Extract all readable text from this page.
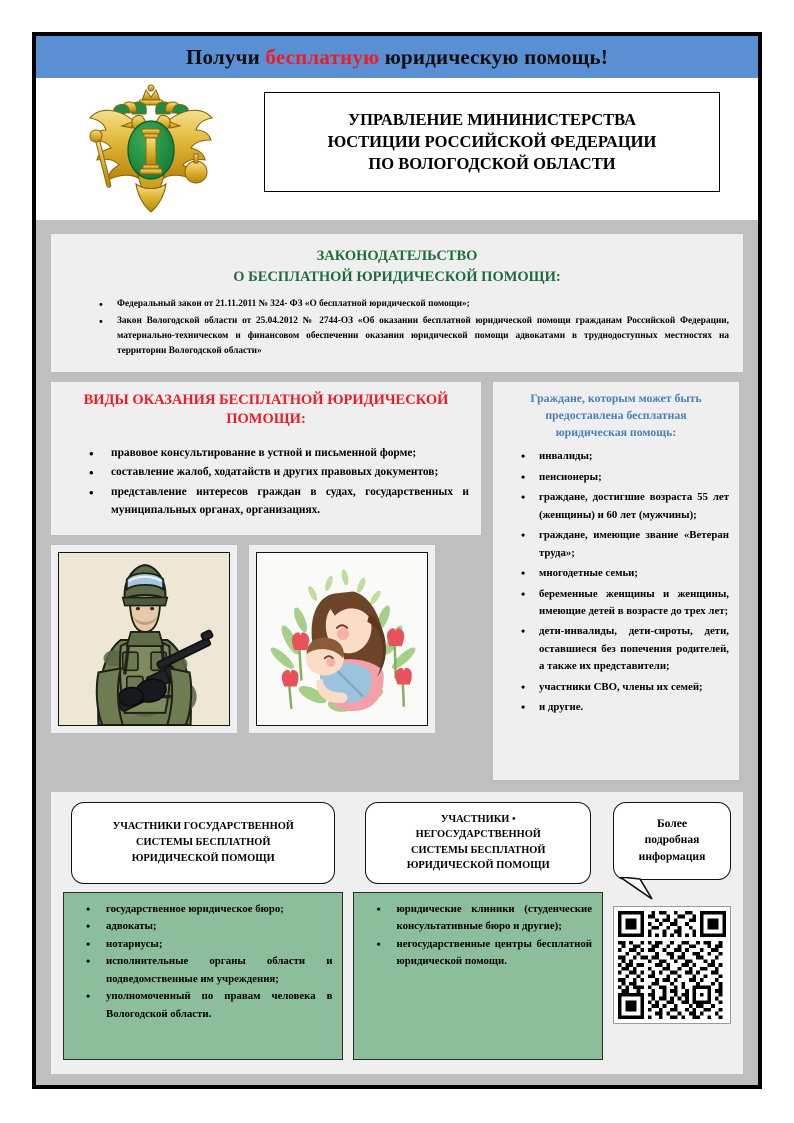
Получи бесплатную юридическую помощь!
УПРАВЛЕНИЕ МИНИНИСТЕРСТВА
ЮСТИЦИИ РОССИЙСКОЙ ФЕДЕРАЦИИ
ПО ВОЛОГОДСКОЙ ОБЛАСТИ
ЗАКОНОДАТЕЛЬСТВО
О БЕСПЛАТНОЙ ЮРИДИЧЕСКОЙ ПОМОЩИ:
• Федеральный закон от 21.11.2011 № 324- ФЗ «О бесплатной юридической помощи»;
• Закон Вологодской области от 25.04.2012 № 2744-ОЗ «Об оказании бесплатной юридической помощи гражданам Российской Федерации, материально-техническом и финансовом обеспечении оказания юридической помощи адвокатами в труднодоступных местностях на территории Вологодской области»
ВИДЫ ОКАЗАНИЯ БЕСПЛАТНОЙ ЮРИДИЧЕСКОЙ
ПОМОЩИ:
• правовое консультирование в устной и письменной форме;
• составление жалоб, ходатайств и других правовых документов;
• представление интересов граждан в судах, государственных и муниципальных органах, организациях.
Граждане, которым может быть
предоставлена бесплатная
юридическая помощь:
• инвалиды;
• пенсионеры;
• граждане, достигшие возраста 55 лет (женщины) и 60 лет (мужчины);
• граждане, имеющие звание «Ветеран труда»;
• многодетные семьи;
• беременные женщины и женщины, имеющие детей в возрасте до трех лет;
• дети-инвалиды, дети-сироты, дети, оставшиеся без попечения родителей, а также их представители;
• участники СВО, члены их семей;
• и другие.
УЧАСТНИКИ ГОСУДАРСТВЕННОЙ
СИСТЕМЫ БЕСПЛАТНОЙ
ЮРИДИЧЕСКОЙ ПОМОЩИ
• государственное юридическое бюро;
• адвокаты;
• нотариусы;
• исполнительные органы области и подведомственные им учреждения;
• уполномоченный по правам человека в Вологодской области.
УЧАСТНИКИ •
НЕГОСУДАРСТВЕННОЙ
СИСТЕМЫ БЕСПЛАТНОЙ
ЮРИДИЧЕСКОЙ ПОМОЩИ
• юридические клиники (студенческие консультативные бюро и другие);
• негосударственные центры бесплатной юридической помощи.
Более
подробная
информация
